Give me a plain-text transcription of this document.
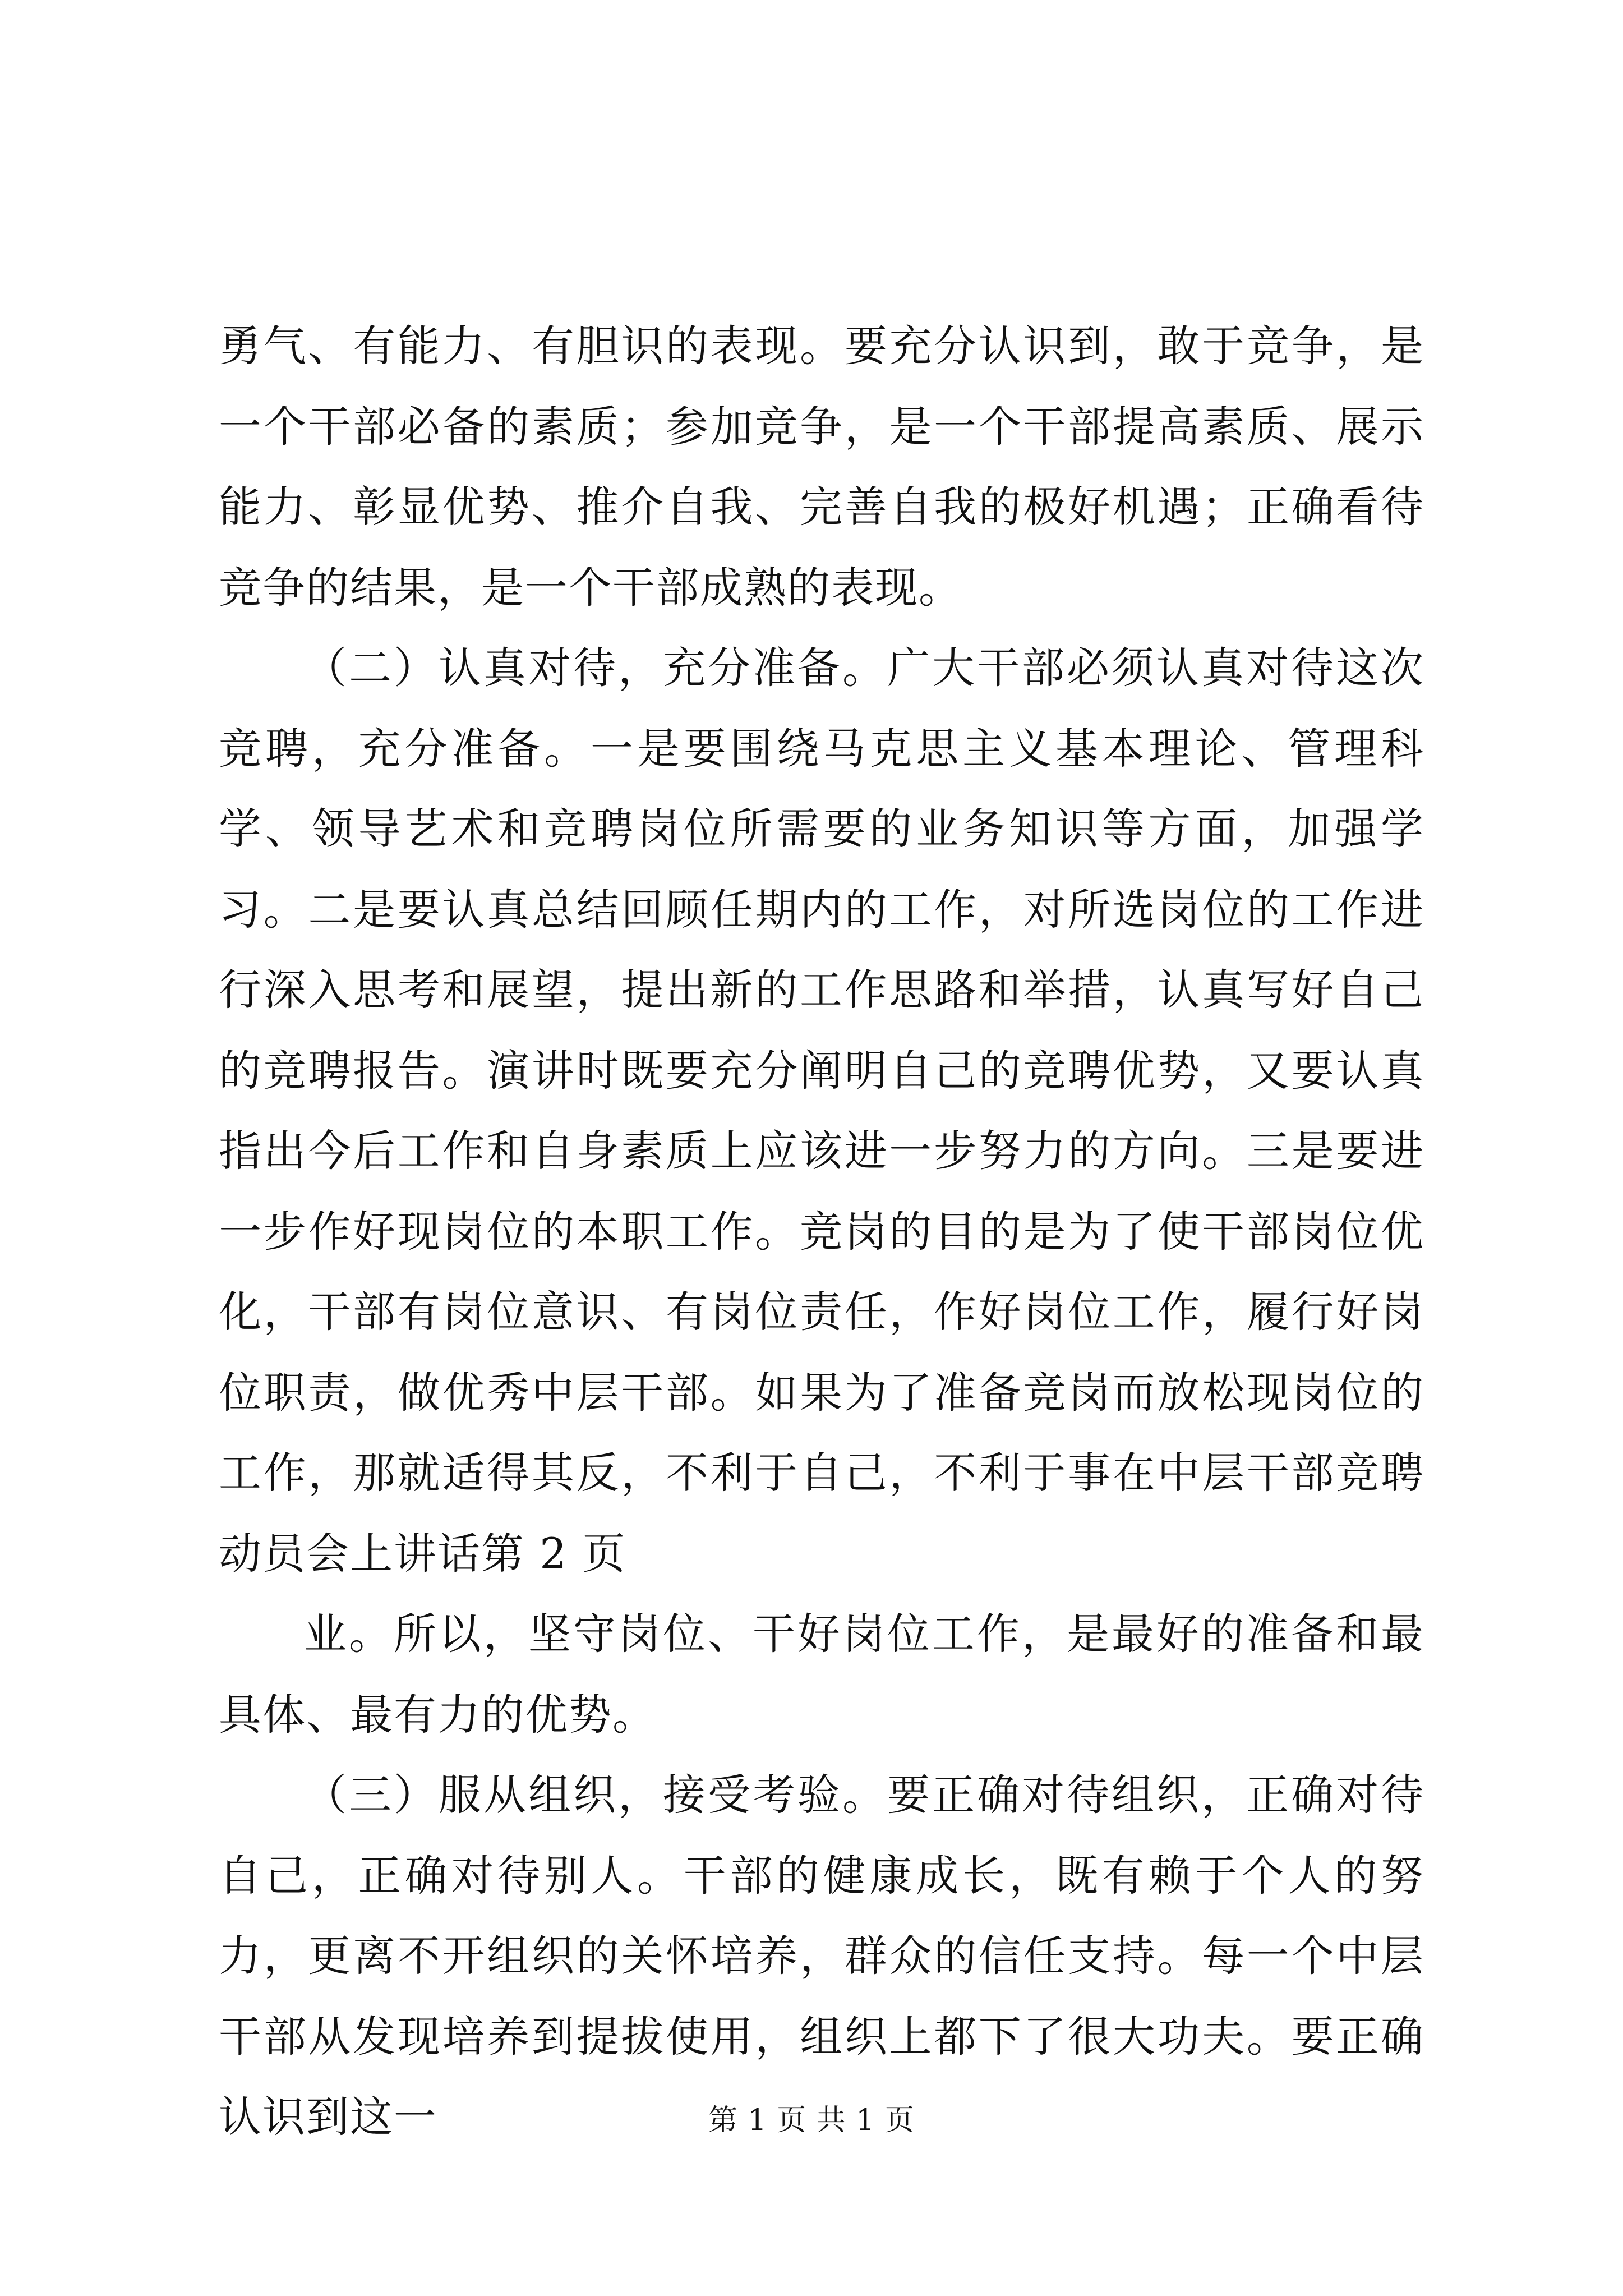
勇气、有能力、有胆识的表现。要充分认识到，敢于竞争，是一个干部必备的素质；参加竞争，是一个干部提高素质、展示能力、彰显优势、推介自我、完善自我的极好机遇；正确看待竞争的结果，是一个干部成熟的表现。

（二）认真对待，充分准备。广大干部必须认真对待这次竞聘，充分准备。一是要围绕马克思主义基本理论、管理科学、领导艺术和竞聘岗位所需要的业务知识等方面，加强学习。二是要认真总结回顾任期内的工作，对所选岗位的工作进行深入思考和展望，提出新的工作思路和举措，认真写好自己的竞聘报告。演讲时既要充分阐明自己的竞聘优势，又要认真指出今后工作和自身素质上应该进一步努力的方向。三是要进一步作好现岗位的本职工作。竞岗的目的是为了使干部岗位优化，干部有岗位意识、有岗位责任，作好岗位工作，履行好岗位职责，做优秀中层干部。如果为了准备竞岗而放松现岗位的工作，那就适得其反，不利于自己，不利于事在中层干部竞聘动员会上讲话第 2 页

业。所以，坚守岗位、干好岗位工作，是最好的准备和最具体、最有力的优势。

（三）服从组织，接受考验。要正确对待组织，正确对待自己，正确对待别人。干部的健康成长，既有赖于个人的努力，更离不开组织的关怀培养，群众的信任支持。每一个中层干部从发现培养到提拔使用，组织上都下了很大功夫。要正确认识到这一	第 1 页 共 1 页
